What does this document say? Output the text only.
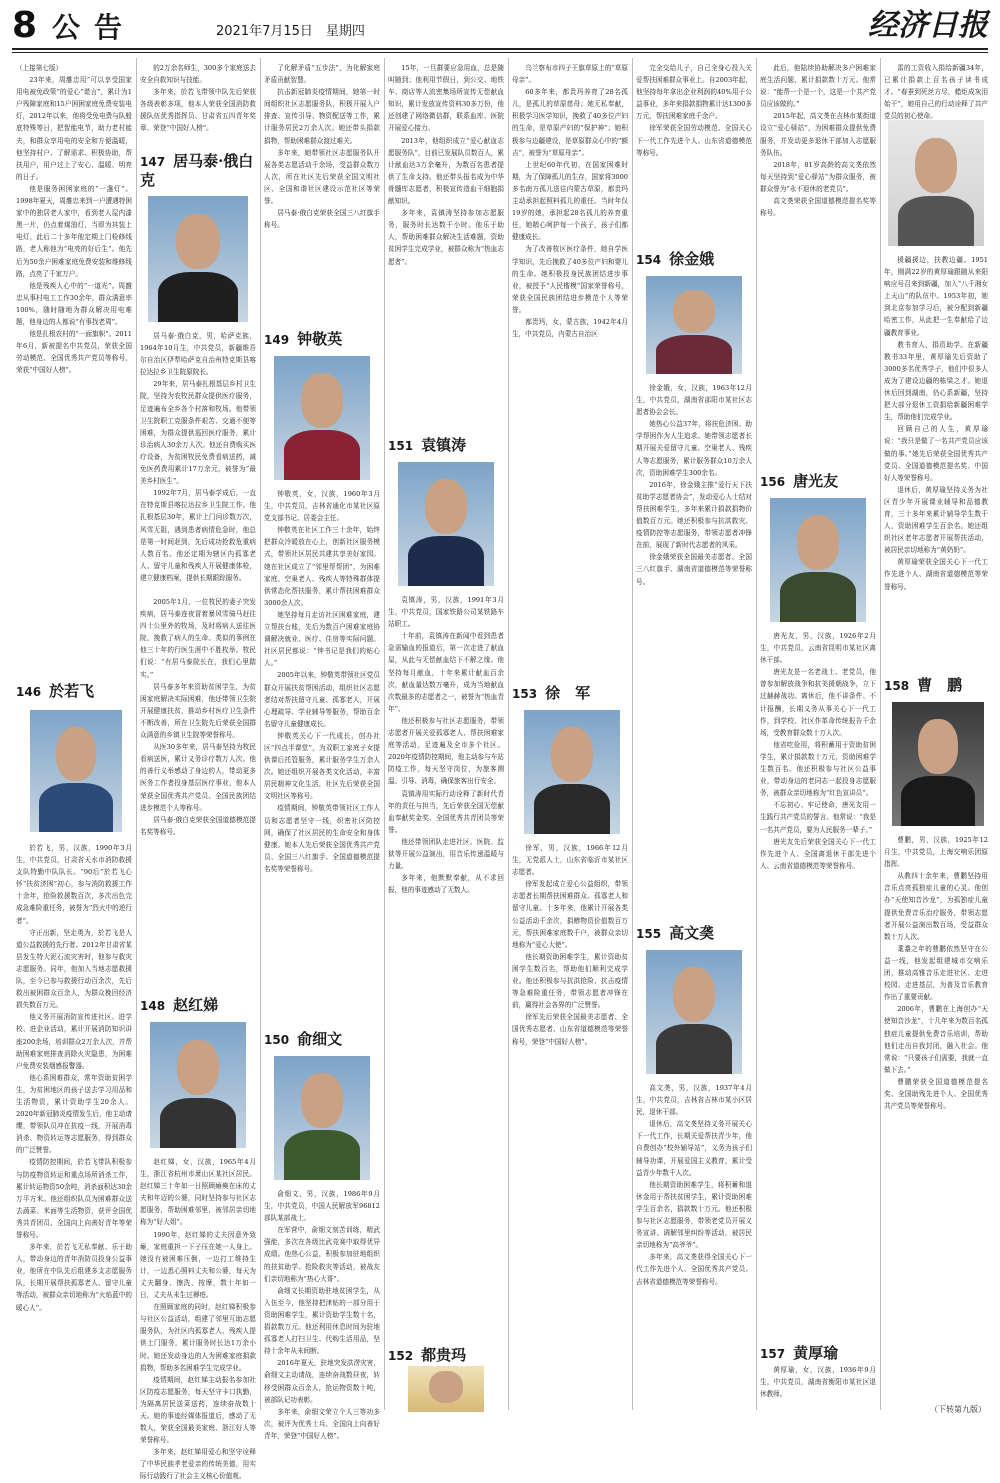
8 公告	2021年7月15日　星期四	经济日报

（上接第七版）

23年来，周雒忠用“可以享受国家用电被免政策”的爱心“谎言”，累计为1户残障家庭和15户困困家庭免费安装电灯，2012年以来，他将受免电费与队般底特殊等日，把智能电节，助力老村能夫，和群众享用电的安全和方便温暖，他坚持村户、了解需求、积极协助，帮扶用户，用户过上了安心、温暖、明亮的日子。

他是服务困困家庭的“一盏灯”。1998年夏天，周雒忠来到一户遭遇特困家中的独居老人家中，看到老人屋内漆黑一片，仍点着煤油灯，当即为其装上电灯，此后二十多年他定期上门检修线路，老人称他为“电亮的好后生”。他先后为50余户困难家庭免费安装和维修线路，点亮了千家万户。

他是残疾人心中的“一道光”。周雒忠从事村电工工作30余年，群众满意率100%，随时随地为群众解决用电难题，他身边的人都说“有事找老周”。

他是扎根农村的“一面旗帜”。2011年6月，新被提名中共党员，荣获全国劳动模范、全国优秀共产党员等称号，荣获“中国好人榜”。

146 於若飞

於若飞，男，汉族，1990年3月生，中共党员，甘肃省天水市消防救援支队特勤中队队长。“90后”於若飞心怀“扶贫济困”初心，参与消防救援工作十余年，抢险救援数百次，多次出色完成急难险重任务，被誉为“烈火中的逆行者”。

守正出新，坚走勇为，於若飞是人道公益救援的先行者。2012年甘肃省某县发生特大泥石流灾害时，他参与救灾志愿服务。同年，他加入当地志愿救援队，至今已参与救援行动百余次，先后救出被困群众百余人，为群众挽回经济损失数百万元。

他义务开展消防宣传进社区、进学校、进企业活动，累计开展消防知识讲座200余场，培训群众2万余人次，并帮助困难家庭排查消除火灾隐患，为困难户免费安装烟感报警器。

他心系困难群众，常年资助贫困学生，为贫困地区的孩子送去学习用品和生活物资，累计资助学生20余人。2020年新冠肺炎疫情发生后，他主动请缨，带领队员冲在抗疫一线，开展消毒消杀、物资转运等志愿服务，得到群众的广泛赞誉。

疫情防控期间，於若飞带队积极参与防疫物资转运和重点场所消杀工作，累计转运物资50余吨，消杀面积达30余万平方米。他还组织队员为困难群众送去蔬菜、米面等生活物资，获评全国优秀共青团员、全国向上向善好青年等荣誉称号。

多年来，於若飞无私奉献、乐于助人，带动身边的青年消防员投身公益事业，他所在中队先后组建多支志愿服务队，长期开展帮扶孤寡老人、留守儿童等活动，被群众亲切地称为“火焰蓝中的暖心人”。

的2万余名师生，300多个家庭送去安全自救知识与技能。

多年来，於若飞带领中队先后荣获各级表彰多项，他本人荣获全国消防救援队伍优秀指挥员、甘肃省五四青年奖章、荣登“中国好人榜”。

147 居马泰·俄白克

居马泰·俄白克，男，哈萨克族，1964年10月生，中共党员，新疆维吾尔自治区伊犁哈萨克自治州特克斯县喀拉达拉乡卫生院原院长。

29年来，居马泰扎根基层乡村卫生院，坚持为农牧民群众提供医疗服务，足迹遍布全乡各个村落和牧场。他带领卫生院职工克服条件艰苦、交通不便等困难，为群众提供巡回医疗服务，累计诊治病人30余万人次。他还自费购买医疗设备，为贫困牧民免费看病送药，减免医药费用累计17万余元，被誉为“最美乡村医生”。

1992年7月，居马泰学成后，一直在特克斯县喀拉达拉乡卫生院工作。他扎根基层30年，累计上门问诊数万次，风雪无阻，遇到患者病情危急时，他总是第一时间赶到，先后成功抢救危重病人数百名。他还定期为辖区内孤寡老人、留守儿童和残疾人开展健康体检，建立健康档案，提供长期跟踪服务。

2005年1月，一位牧民的妻子突发疾病，居马泰连夜冒着暴风雪骑马赶往四十公里外的牧场，及时将病人送往医院，挽救了病人的生命。类似的事例在他三十年的行医生涯中不胜枚举。牧民们说：“有居马泰院长在，我们心里踏实。”

居马泰多年来资助贫困学生，为贫困家庭解决实际困难，他还带领卫生院开展健康扶贫，推动乡村医疗卫生条件不断改善，所在卫生院先后荣获全国群众满意的乡镇卫生院等荣誉称号。

从医30多年来，居马泰坚持为牧民看病送医，累计义务诊疗数万人次。他的善行义举感动了身边的人，带动更多医务工作者投身基层医疗事业，他本人荣获全国优秀共产党员、全国民族团结进步模范个人等称号。

居马泰·俄白克荣获全国道德模范提名奖等称号。

148 赵红娣

赵红娣，女，汉族，1965年4月生，浙江省杭州市萧山区某社区居民。赵红娣三十年如一日照顾瘫痪在床的丈夫和年迈的公婆，同时坚持参与社区志愿服务，帮助困难邻里，被邻居亲切地称为“好大姐”。

1990年，赵红娣的丈夫因意外致瘫，家庭重担一下子压在她一人身上。她没有被困难压倒，一边打工维持生计，一边悉心照料丈夫和公婆，每天为丈夫翻身、擦洗、按摩，数十年如一日，丈夫从未生过褥疮。

在照顾家庭的同时，赵红娣积极参与社区公益活动，组建了邻里互助志愿服务队，为社区内孤寡老人、残疾人提供上门服务，累计服务时长达1万余小时。她还发动身边的人为困难家庭捐款捐物，帮助多名困难学生完成学业。

疫情期间，赵红娣主动报名参加社区防疫志愿服务，每天坚守卡口执勤，为隔离居民送菜送药，连续奋战数十天。她的事迹经媒体报道后，感动了无数人，荣获全国最美家庭、浙江好人等荣誉称号。

多年来，赵红娣用爱心和坚守诠释了中华民族孝老爱亲的传统美德，用实际行动践行了社会主义核心价值观。

了化解矛盾“五步法”，为化解家庭矛盾贡献智慧。

抗击新冠肺炎疫情期间，她第一时间组织社区志愿服务队，积极开展入户排查、宣传引导、物资配送等工作，累计服务居民2万余人次。她还带头捐款捐物，帮助困难群众渡过难关。

多年来，她带领社区志愿服务队开展各类志愿活动千余场，受益群众数万人次，所在社区先后荣获全国文明社区、全国和谐社区建设示范社区等荣誉。

居马泰·俄白克荣获全国三八红旗手称号。

149 钟敬英

钟敬英，女，汉族，1960年3月生，中共党员，吉林省通化市某社区原党支部书记、居委会主任。

钟敬英在社区工作三十余年，始终把群众冷暖放在心上，创新社区服务模式，带领社区居民共建共享美好家园。她在社区成立了“邻里帮帮团”，为困难家庭、空巢老人、残疾人等特殊群体提供常态化帮扶服务，累计帮扶困难群众3000余人次。

她坚持每月走访社区困难家庭，建立帮扶台账，先后为数百户困难家庭协调解决就业、医疗、住房等实际问题。社区居民都说：“钟书记是我们的贴心人。”

2005年以来，钟敬英带领社区党员群众开展扶贫帮困活动，组织社区志愿者结对帮扶留守儿童、孤寡老人，开展心理疏导、学业辅导等服务，帮助百余名留守儿童健康成长。

钟敬英关心下一代成长，创办社区“四点半课堂”，为双职工家庭子女提供课后托管服务，累计服务学生万余人次。她还组织开展各类文化活动，丰富居民精神文化生活，社区先后荣获全国文明社区等称号。

疫情期间，钟敬英带领社区工作人员和志愿者坚守一线，织密社区防控网，确保了社区居民的生命安全和身体健康。她本人先后荣获全国优秀共产党员、全国三八红旗手、全国道德模范提名奖等荣誉称号。

150 俞细文

俞细文，男，汉族，1986年9月生，中共党员，中国人民解放军96812部队某部战士。

在军营中，俞细文刻苦训练，精武强能，多次在各级比武竞赛中取得优异成绩。他热心公益，积极参加驻地组织的扶贫助学、抢险救灾等活动，被战友们亲切地称为“热心大哥”。

俞细文长期资助驻地贫困学生，从入伍至今，他坚持把津贴的一部分用于资助困难学生，累计资助学生数十名，捐款数万元。他还利用休息时间为驻地孤寡老人打扫卫生、代购生活用品，坚持十余年从未间断。

2016年夏天，驻地突发洪涝灾害，俞细文主动请战，连续奋战数昼夜，转移受困群众百余人，抢运物资数十吨，被部队记功表彰。

多年来，俞细文荣立个人三等功多次，被评为优秀士兵、全国向上向善好青年，荣登“中国好人榜”。

15年，一旦群要应急用血，总是随叫随到；他利用节假日，到公交、地铁车、商店等人流密集场所宣传无偿献血知识，累计发放宣传资料30多万份，他还创建了网络微信群，联系血库、医院开展爱心接力。

2013年，他组织成立“爱心献血志愿服务队”，目前已发展队员数百人，累计献血达3万余毫升，为数百名患者提供了生命支持。他还带头报名成为中华骨髓库志愿者，积极宣传造血干细胞捐献知识。

多年来，袁镇涛坚持参加志愿服务，服务时长达数千小时。他乐于助人，帮助困难群众解决生活难题，资助贫困学生完成学业，被群众称为“热血志愿者”。

151 袁镇涛

袁镇涛，男，汉族，1991年3月生，中共党员，国家铁路公司某铁路车站职工。

十年前，袁镇涛在新闻中看到患者急需输血的报道后，第一次走进了献血屋，从此与无偿献血结下不解之缘。他坚持每月献血，十年来累计献血百余次，献血量达数万毫升，成为当地献血次数最多的志愿者之一，被誉为“热血青年”。

他还积极参与社区志愿服务，带领志愿者开展关爱孤寡老人、帮扶困难家庭等活动，足迹遍及全市多个社区。2020年疫情防控期间，他主动参与车站防疫工作，每天坚守岗位，为旅客测温、引导、消毒，确保旅客出行安全。

袁镇涛用实际行动诠释了新时代青年的责任与担当，先后荣获全国无偿献血奉献奖金奖、全国优秀共青团员等荣誉。

他还带领团队走进社区、医院、监狱等开展公益演出，用音乐传递温暖与力量。

多年来，他默默奉献，从不求回报，他的事迹感动了无数人。

152 都贵玛

乌兰察布市四子王旗草原上的“草原母亲”。

60多年来，都贵玛养育了28名孤儿，是孤儿的草原慈母；她无私奉献，积极学习医学知识，挽救了40多位产妇的生命，是草原产妇的“保护神”；她积极参与边疆建设，是草原群众心中的“额吉”，被誉为“草原母亲”。

上世纪60年代初，在国家困难时期，为了保障孤儿的生存，国家将3000多名南方孤儿送往内蒙古草原，都贵玛主动承担起照料孤儿的重任。当时年仅19岁的她，承担起28名孤儿的养育重任，她精心呵护每一个孩子，孩子们都健康成长。

为了改善牧区医疗条件，她自学医学知识，先后挽救了40多位产妇和婴儿的生命。她积极投身民族团结进步事业，被授予“人民楷模”国家荣誉称号，荣获全国民族团结进步模范个人等荣誉。

都贵玛，女，蒙古族，1942年4月生，中共党员，内蒙古自治区

153 徐　军

徐军，男，汉族，1966年12月生，无党派人士，山东省临沂市某社区志愿者。

徐军发起成立爱心公益组织，带领志愿者长期帮扶困难群众、孤寡老人和留守儿童。十多年来，他累计开展各类公益活动千余次，捐赠物资价值数百万元，帮扶困难家庭数千户，被群众亲切地称为“爱心大使”。

他长期资助困难学生，累计资助贫困学生数百名，帮助他们顺利完成学业。他还积极参与抗洪抢险、抗击疫情等急难险重任务，带领志愿者冲锋在前，赢得社会各界的广泛赞誉。

徐军先后荣获全国最美志愿者、全国优秀志愿者、山东省道德模范等荣誉称号，荣登“中国好人榜”。

完全交给儿子，自己全身心投入关爱帮扶困难群众事业上。自2003年起，他坚持每年拿出企业利润的40%用于公益事业，多年来捐款捐物累计达1300多万元，帮扶困难家庭千余户。

徐军荣获全国劳动模范、全国关心下一代工作先进个人、山东省道德模范等称号。

154 徐金娥

徐金娥，女，汉族，1963年12月生，中共党员，湖南省邵阳市某社区志愿者协会会长。

她热心公益37年，将扶危济困、助学帮困作为人生追求。她带领志愿者长期开展关爱留守儿童、空巢老人、残疾人等志愿服务，累计服务群众10万余人次，资助困难学生300余名。

2016年，徐金娥主推“爱行天下扶贫助学志愿者协会”，发动爱心人士结对帮扶困难学生，多年来累计捐款捐物价值数百万元。她还积极参与抗洪救灾、疫情防控等志愿服务，带领志愿者冲锋在前，展现了新时代志愿者的风采。

徐金娥荣获全国最美志愿者、全国三八红旗手、湖南省道德模范等荣誉称号。

155 高文䶮

高文䶮，男，汉族，1937年4月生，中共党员，吉林省吉林市某小区居民，退休干部。

退休后，高文䶮坚持义务开展关心下一代工作，长期关爱帮扶青少年，他自费创办“校外辅导站”，义务为孩子们辅导功课，开展爱国主义教育，累计受益青少年数千人次。

他长期资助困难学生，将积蓄和退休金用于帮扶贫困学生，累计资助困难学生百余名，捐款数十万元。他还积极参与社区志愿服务，带领老党员开展义务宣讲、调解邻里纠纷等活动，被居民亲切地称为“高爷爷”。

多年来，高文䶮获得全国关心下一代工作先进个人、全国优秀共产党员、吉林省道德模范等荣誉称号。

此后，他陆续协助解决多户困难家庭生活问题，累计捐款数十万元。他常说：“能帮一个是一个，这是一个共产党员应该做的。”

2015年起，高文䶮在吉林市某街道设立“爱心驿站”，为困难群众提供免费服务，并发动更多退休干部加入志愿服务队伍。

2018年，81岁高龄的高文䶮依然每天坚持到“爱心驿站”为群众服务，被群众誉为“永不退休的老党员”。

高文䶮荣获全国道德模范提名奖等称号。

156 唐光友

唐光友，男，汉族，1926年2月生，中共党员，云南省昆明市某社区离休干部。

唐光友是一名老战士、老党员，他曾参加解放战争和抗美援朝战争，立下过赫赫战功。离休后，他不讲条件、不计报酬，长期义务从事关心下一代工作，到学校、社区作革命传统报告千余场，受教育群众数十万人次。

他省吃俭用，将积蓄用于资助贫困学生，累计捐款数十万元，资助困难学生数百名。他还积极参与社区公益事业，带动身边的老同志一起投身志愿服务，被群众亲切地称为“红色宣讲员”。

不忘初心、牢记使命，唐光友用一生践行共产党员的誓言。他常说：“我是一名共产党员，要为人民服务一辈子。”

唐光友先后荣获全国关心下一代工作先进个人、全国离退休干部先进个人、云南省道德模范等荣誉称号。

157 黄厚瑜

黄厚瑜，女，汉族，1936年9月生，中共党员，湖南省衡阳市某社区退休教师。

雷的工资收入捐给新疆34年，已累计捐款上百名孩子读书成才。“春蚕到死丝方尽，蜡炬成灰泪始干”，她用自己的行动诠释了共产党员的初心使命。

援疆援边，扶教边疆。1951年，刚满22岁的黄厚瑜跟随从来阳响应号召来到新疆，加入“八千湘女上天山”的队伍中。1953年初，她到北京参加学习后，被分配到新疆哈密工作，从此把一生奉献给了边疆教育事业。

教书育人，捐资助学。在新疆教书33年里，黄厚瑜先后资助了3000多名优秀学子，他们中很多人成为了建设边疆的栋梁之才。她退休后回到湖南，仍心系新疆，坚持把大部分退休工资捐给新疆困难学生，帮助他们完成学业。

回顾自己的人生，黄厚瑜说：“我只是做了一名共产党员应该做的事。”她先后荣获全国优秀共产党员、全国道德模范提名奖、中国好人等荣誉称号。

退休后，黄厚瑜坚持义务为社区青少年开展课业辅导和品德教育，三十多年来累计辅导学生数千人，资助困难学生百余名。她还组织社区老年志愿者开展帮扶活动，被居民亲切地称为“黄奶奶”。

黄厚瑜荣获全国关心下一代工作先进个人、湖南省道德模范等荣誉称号。

158 曹　鹏

曹鹏，男，汉族，1925年12月生，中共党员，上海交响乐团原指挥。

从教四十余年来，曹鹏坚持用音乐点亮孤独症儿童的心灵。他创办“天使知音沙龙”，为孤独症儿童提供免费音乐治疗服务，带领志愿者开展公益演出数百场，受益群众数十万人次。

耄耋之年的曹鹏依然坚守在公益一线，他发起组建城市交响乐团，推动高雅音乐走进社区、走进校园、走进基层，为普及音乐教育作出了重要贡献。

2006年，曹鹏在上海创办“天使知音沙龙”，十几年来为数百名孤独症儿童提供免费音乐培训，帮助他们走出自我封闭，融入社会。他常说：“只要孩子们需要，我就一直做下去。”

曹鹏荣获全国道德模范提名奖、全国助残先进个人、全国优秀共产党员等荣誉称号。

（下转第九版）
